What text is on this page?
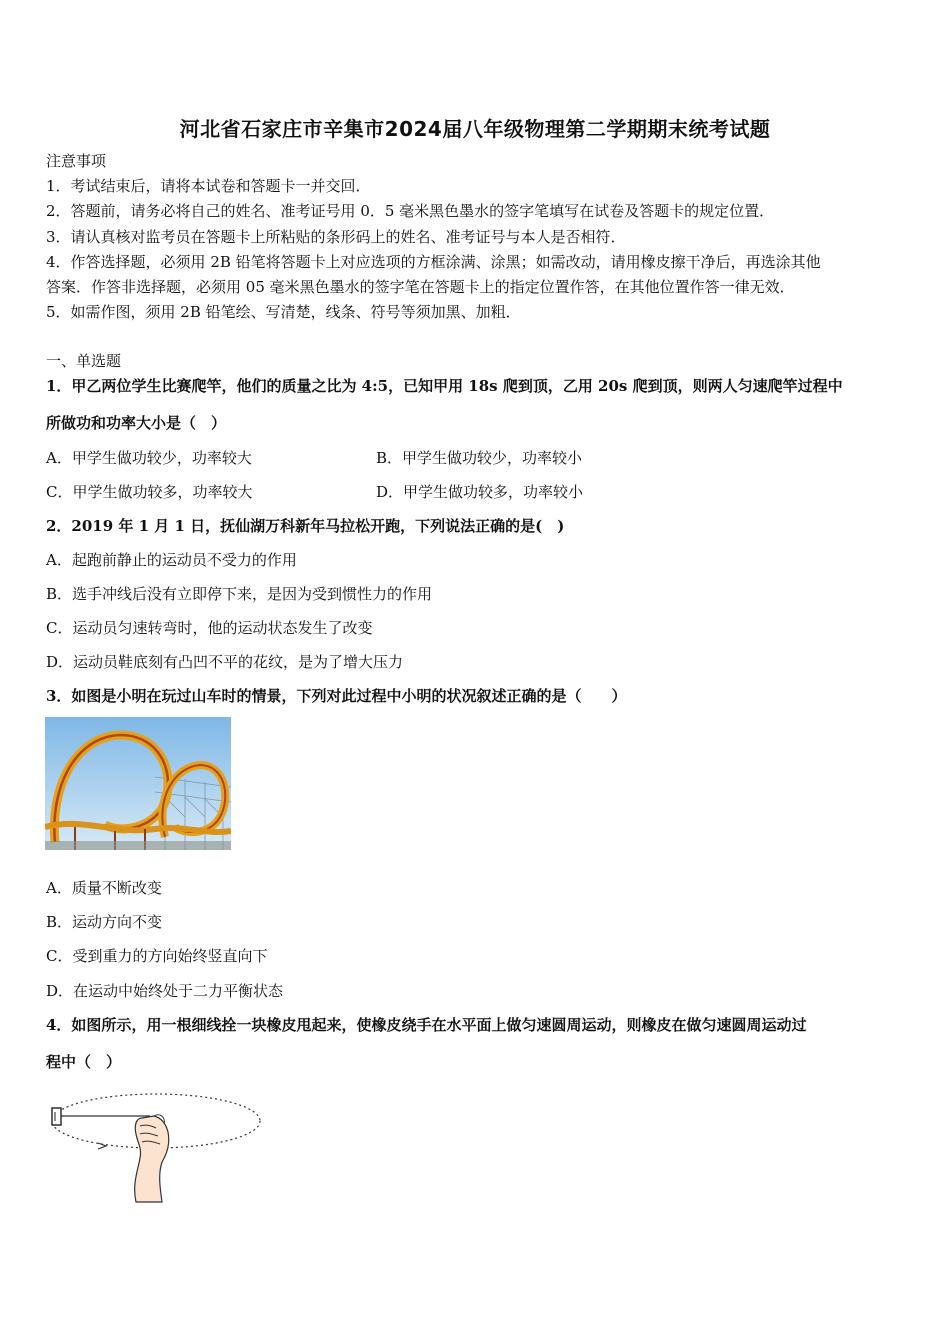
河北省石家庄市辛集市2024届八年级物理第二学期期末统考试题
注意事项
1．考试结束后，请将本试卷和答题卡一并交回．
2．答题前，请务必将自己的姓名、准考证号用 0．5 毫米黑色墨水的签字笔填写在试卷及答题卡的规定位置．
3．请认真核对监考员在答题卡上所粘贴的条形码上的姓名、准考证号与本人是否相符．
4．作答选择题，必须用 2B 铅笔将答题卡上对应选项的方框涂满、涂黑；如需改动，请用橡皮擦干净后，再选涂其他
答案．作答非选择题，必须用 05 毫米黑色墨水的签字笔在答题卡上的指定位置作答，在其他位置作答一律无效．
5．如需作图，须用 2B 铅笔绘、写清楚，线条、符号等须加黑、加粗．
一、单选题
1．甲乙两位学生比赛爬竿，他们的质量之比为 4:5，已知甲用 18s 爬到顶，乙用 20s 爬到顶，则两人匀速爬竿过程中
所做功和功率大小是（　）
A．甲学生做功较少，功率较大	B．甲学生做功较少，功率较小
C．甲学生做功较多，功率较大	D．甲学生做功较多，功率较小
2．2019 年 1 月 1 日，抚仙湖万科新年马拉松开跑，下列说法正确的是(　)
A．起跑前静止的运动员不受力的作用
B．选手冲线后没有立即停下来，是因为受到惯性力的作用
C．运动员匀速转弯时，他的运动状态发生了改变
D．运动员鞋底刻有凸凹不平的花纹，是为了增大压力
3．如图是小明在玩过山车时的情景，下列对此过程中小明的状况叙述正确的是（　　）
A．质量不断改变
B．运动方向不变
C．受到重力的方向始终竖直向下
D．在运动中始终处于二力平衡状态
4．如图所示，用一根细线拴一块橡皮甩起来，使橡皮绕手在水平面上做匀速圆周运动，则橡皮在做匀速圆周运动过
程中（　）
